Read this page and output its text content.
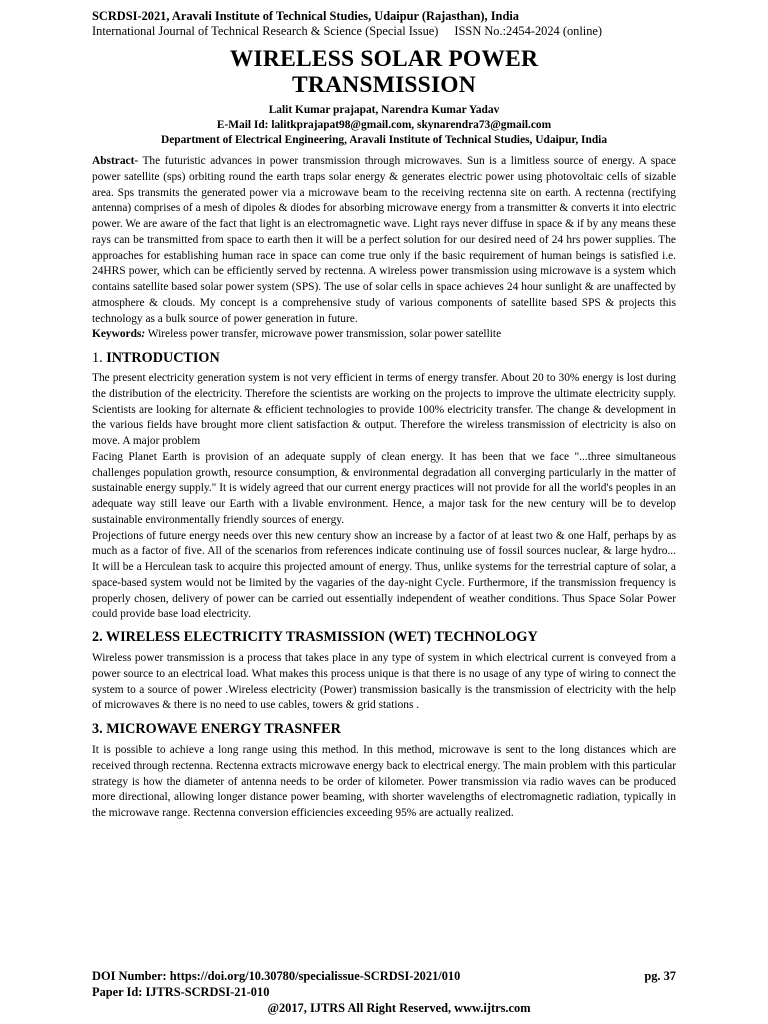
SCRDSI-2021, Aravali Institute of Technical Studies, Udaipur (Rajasthan), India
International Journal of Technical Research & Science (Special Issue) ISSN No.:2454-2024 (online)
WIRELESS SOLAR POWER
TRANSMISSION
Lalit Kumar prajapat, Narendra Kumar Yadav
E-Mail Id: lalitkprajapat98@gmail.com, skynarendra73@gmail.com
Department of Electrical Engineering, Aravali Institute of Technical Studies, Udaipur, India

Abstract- The futuristic advances in power transmission through microwaves. Sun is a limitless source of energy. A space power satellite (sps) orbiting round the earth traps solar energy & generates electric power using photovoltaic cells of sizable area. Sps transmits the generated power via a microwave beam to the receiving rectenna site on earth. A rectenna (rectifying antenna) comprises of a mesh of dipoles & diodes for absorbing microwave energy from a transmitter & converts it into electric power. We are aware of the fact that light is an electromagnetic wave. Light rays never diffuse in space & if by any means these rays can be transmitted from space to earth then it will be a perfect solution for our desired need of 24 hrs power supplies. The approaches for establishing human race in space can come true only if the basic requirement of human beings is satisfied i.e. 24HRS power, which can be efficiently served by rectenna. A wireless power transmission using microwave is a system which contains satellite based solar power system (SPS). The use of solar cells in space achieves 24 hour sunlight & are unaffected by atmosphere & clouds. My concept is a comprehensive study of various components of satellite based SPS & projects this technology as a bulk source of power generation in future.

Keywords: Wireless power transfer, microwave power transmission, solar power satellite

1. INTRODUCTION

The present electricity generation system is not very efficient in terms of energy transfer. About 20 to 30% energy is lost during the distribution of the electricity. Therefore the scientists are working on the projects to improve the ultimate electricity supply. Scientists are looking for alternate & efficient technologies to provide 100% electricity transfer. The change & development in the various fields have brought more client satisfaction & output. Therefore the wireless transmission of electricity is also on move. A major problem

Facing Planet Earth is provision of an adequate supply of clean energy. It has been that we face "...three simultaneous challenges population growth, resource consumption, & environmental degradation all converging particularly in the matter of sustainable energy supply." It is widely agreed that our current energy practices will not provide for all the world's peoples in an adequate way still leave our Earth with a livable environment. Hence, a major task for the new century will be to develop sustainable environmentally friendly sources of energy.

Projections of future energy needs over this new century show an increase by a factor of at least two & one Half, perhaps by as much as a factor of five. All of the scenarios from references indicate continuing use of fossil sources nuclear, & large hydro... It will be a Herculean task to acquire this projected amount of energy. Thus, unlike systems for the terrestrial capture of solar, a space-based system would not be limited by the vagaries of the day-night Cycle. Furthermore, if the transmission frequency is properly chosen, delivery of power can be carried out essentially independent of weather conditions. Thus Space Solar Power could provide base load electricity.

2. WIRELESS ELECTRICITY TRASMISSION (WET) TECHNOLOGY

Wireless power transmission is a process that takes place in any type of system in which electrical current is conveyed from a power source to an electrical load. What makes this process unique is that there is no usage of any type of wiring to connect the system to a source of power .Wireless electricity (Power) transmission basically is the transmission of electricity with the help of microwaves & there is no need to use cables, towers & grid stations .

3. MICROWAVE ENERGY TRASNFER

It is possible to achieve a long range using this method. In this method, microwave is sent to the long distances which are received through rectenna. Rectenna extracts microwave energy back to electrical energy. The main problem with this particular strategy is how the diameter of antenna needs to be order of kilometer. Power transmission via radio waves can be produced more directional, allowing longer distance power beaming, with shorter wavelengths of electromagnetic radiation, typically in the microwave range. Rectenna conversion efficiencies exceeding 95% are actually realized.

DOI Number: https://doi.org/10.30780/specialissue-SCRDSI-2021/010	pg. 37
Paper Id: IJTRS-SCRDSI-21-010
@2017, IJTRS All Right Reserved, www.ijtrs.com
